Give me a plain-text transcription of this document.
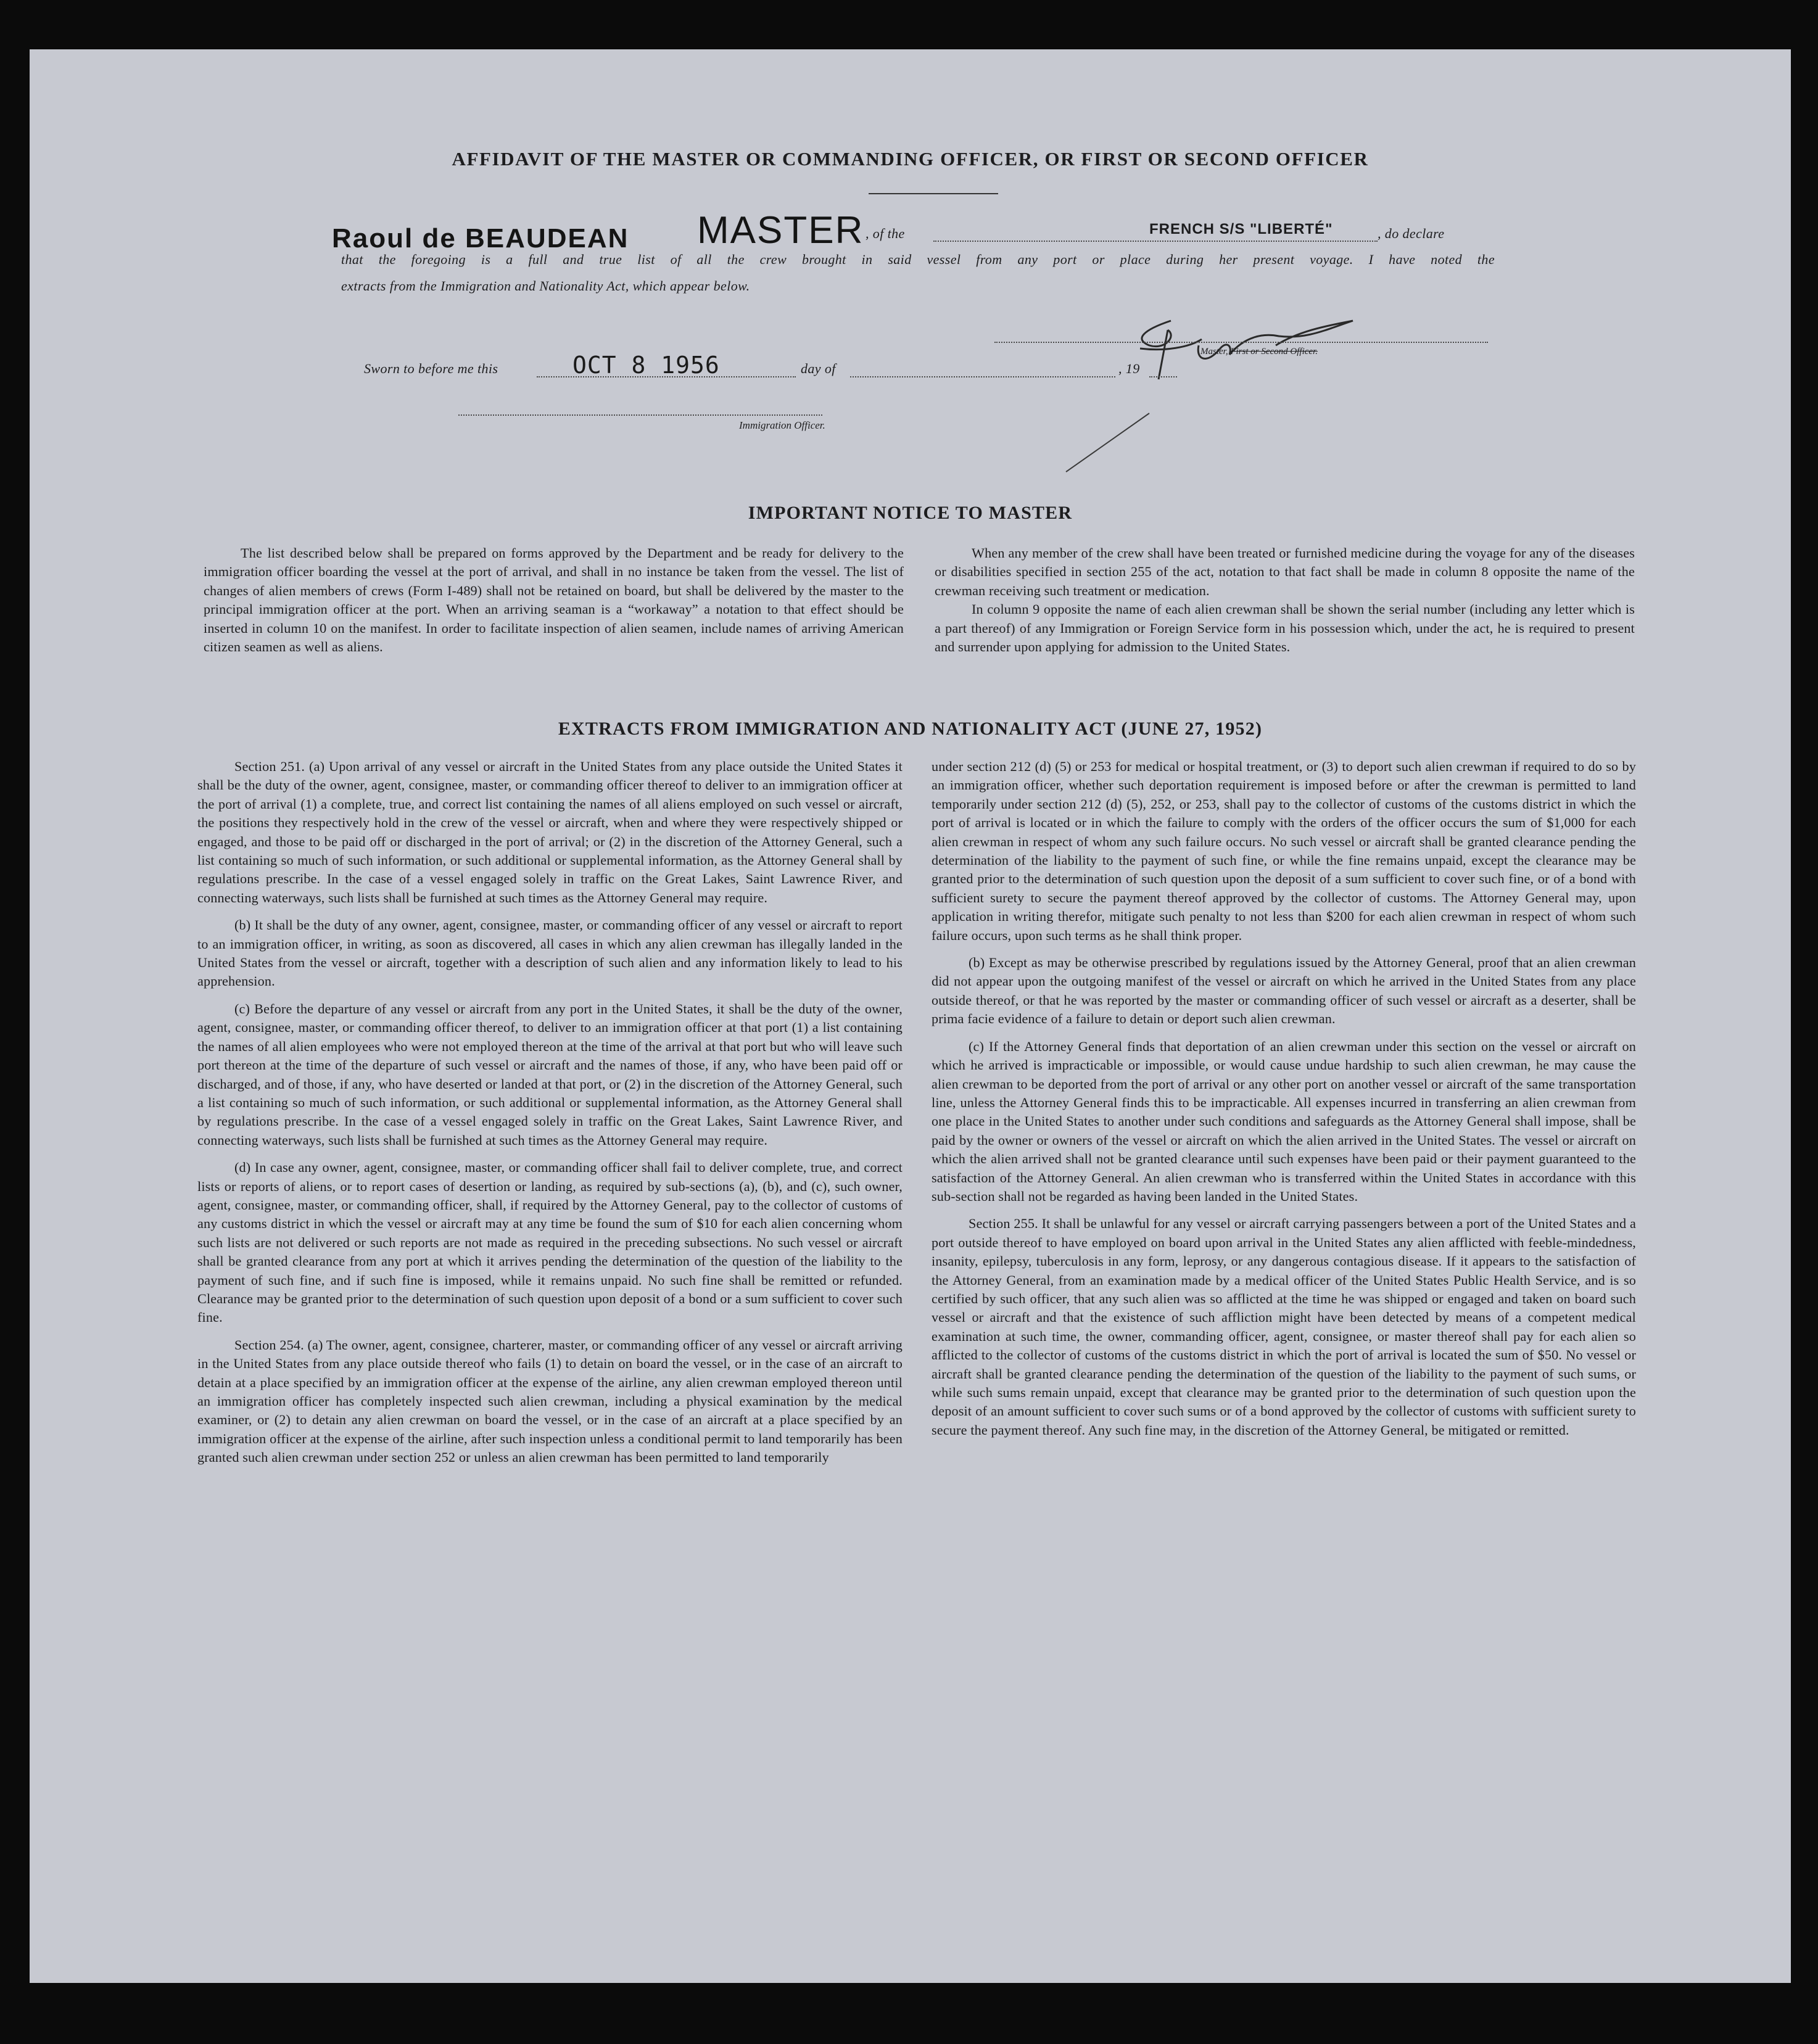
AFFIDAVIT OF THE MASTER OR COMMANDING OFFICER, OR FIRST OR SECOND OFFICER
Raoul de BEAUDEAN MASTER , of the	FRENCH S/S "LIBERTÉ"	, do declare
that the foregoing is a full and true list of all the crew brought in said vessel from any port or place during her present voyage. I have noted the
extracts from the Immigration and Nationality Act, which appear below.
Master, First or Second Officer.
Sworn to before me this	OCT 8 1956	day of	, 19
Immigration Officer.
IMPORTANT NOTICE TO MASTER

The list described below shall be prepared on forms approved by the Department and be ready for delivery to the immigration officer boarding the vessel at the port of arrival, and shall in no instance be taken from the vessel. The list of changes of alien members of crews (Form I-489) shall not be retained on board, but shall be delivered by the master to the principal immigration officer at the port. When an arriving seaman is a “workaway” a notation to that effect should be inserted in column 10 on the manifest. In order to facilitate inspection of alien seamen, include names of arriving American citizen seamen as well as aliens.

When any member of the crew shall have been treated or furnished medicine during the voyage for any of the diseases or disabilities specified in section 255 of the act, notation to that fact shall be made in column 8 opposite the name of the crewman receiving such treatment or medication.

In column 9 opposite the name of each alien crewman shall be shown the serial number (including any letter which is a part thereof) of any Immigration or Foreign Service form in his possession which, under the act, he is required to present and surrender upon applying for admission to the United States.

EXTRACTS FROM IMMIGRATION AND NATIONALITY ACT (JUNE 27, 1952)

Section 251. (a) Upon arrival of any vessel or aircraft in the United States from any place outside the United States it shall be the duty of the owner, agent, consignee, master, or commanding officer thereof to deliver to an immigration officer at the port of arrival (1) a complete, true, and correct list containing the names of all aliens employed on such vessel or aircraft, the positions they respectively hold in the crew of the vessel or aircraft, when and where they were respectively shipped or engaged, and those to be paid off or discharged in the port of arrival; or (2) in the discretion of the Attorney General, such a list containing so much of such information, or such additional or supplemental information, as the Attorney General shall by regulations prescribe. In the case of a vessel engaged solely in traffic on the Great Lakes, Saint Lawrence River, and connecting waterways, such lists shall be furnished at such times as the Attorney General may require.

(b) It shall be the duty of any owner, agent, consignee, master, or commanding officer of any vessel or aircraft to report to an immigration officer, in writing, as soon as discovered, all cases in which any alien crewman has illegally landed in the United States from the vessel or aircraft, together with a description of such alien and any information likely to lead to his apprehension.

(c) Before the departure of any vessel or aircraft from any port in the United States, it shall be the duty of the owner, agent, consignee, master, or commanding officer thereof, to deliver to an immigration officer at that port (1) a list containing the names of all alien employees who were not employed thereon at the time of the arrival at that port but who will leave such port thereon at the time of the departure of such vessel or aircraft and the names of those, if any, who have been paid off or discharged, and of those, if any, who have deserted or landed at that port, or (2) in the discretion of the Attorney General, such a list containing so much of such information, or such additional or supplemental information, as the Attorney General shall by regulations prescribe. In the case of a vessel engaged solely in traffic on the Great Lakes, Saint Lawrence River, and connecting waterways, such lists shall be furnished at such times as the Attorney General may require.

(d) In case any owner, agent, consignee, master, or commanding officer shall fail to deliver complete, true, and correct lists or reports of aliens, or to report cases of desertion or landing, as required by sub-sections (a), (b), and (c), such owner, agent, consignee, master, or commanding officer, shall, if required by the Attorney General, pay to the collector of customs of any customs district in which the vessel or aircraft may at any time be found the sum of $10 for each alien concerning whom such lists are not delivered or such reports are not made as required in the preceding subsections. No such vessel or aircraft shall be granted clearance from any port at which it arrives pending the determination of the question of the liability to the payment of such fine, and if such fine is imposed, while it remains unpaid. No such fine shall be remitted or refunded. Clearance may be granted prior to the determination of such question upon deposit of a bond or a sum sufficient to cover such fine.

Section 254. (a) The owner, agent, consignee, charterer, master, or commanding officer of any vessel or aircraft arriving in the United States from any place outside thereof who fails (1) to detain on board the vessel, or in the case of an aircraft to detain at a place specified by an immigration officer at the expense of the airline, any alien crewman employed thereon until an immigration officer has completely inspected such alien crewman, including a physical examination by the medical examiner, or (2) to detain any alien crewman on board the vessel, or in the case of an aircraft at a place specified by an immigration officer at the expense of the airline, after such inspection unless a conditional permit to land temporarily has been granted such alien crewman under section 252 or unless an alien crewman has been permitted to land temporarily

under section 212 (d) (5) or 253 for medical or hospital treatment, or (3) to deport such alien crewman if required to do so by an immigration officer, whether such deportation requirement is imposed before or after the crewman is permitted to land temporarily under section 212 (d) (5), 252, or 253, shall pay to the collector of customs of the customs district in which the port of arrival is located or in which the failure to comply with the orders of the officer occurs the sum of $1,000 for each alien crewman in respect of whom any such failure occurs. No such vessel or aircraft shall be granted clearance pending the determination of the liability to the payment of such fine, or while the fine remains unpaid, except the clearance may be granted prior to the determination of such question upon the deposit of a sum sufficient to cover such fine, or of a bond with sufficient surety to secure the payment thereof approved by the collector of customs. The Attorney General may, upon application in writing therefor, mitigate such penalty to not less than $200 for each alien crewman in respect of whom such failure occurs, upon such terms as he shall think proper.

(b) Except as may be otherwise prescribed by regulations issued by the Attorney General, proof that an alien crewman did not appear upon the outgoing manifest of the vessel or aircraft on which he arrived in the United States from any place outside thereof, or that he was reported by the master or commanding officer of such vessel or aircraft as a deserter, shall be prima facie evidence of a failure to detain or deport such alien crewman.

(c) If the Attorney General finds that deportation of an alien crewman under this section on the vessel or aircraft on which he arrived is impracticable or impossible, or would cause undue hardship to such alien crewman, he may cause the alien crewman to be deported from the port of arrival or any other port on another vessel or aircraft of the same transportation line, unless the Attorney General finds this to be impracticable. All expenses incurred in transferring an alien crewman from one place in the United States to another under such conditions and safeguards as the Attorney General shall impose, shall be paid by the owner or owners of the vessel or aircraft on which the alien arrived in the United States. The vessel or aircraft on which the alien arrived shall not be granted clearance until such expenses have been paid or their payment guaranteed to the satisfaction of the Attorney General. An alien crewman who is transferred within the United States in accordance with this sub-section shall not be regarded as having been landed in the United States.

Section 255. It shall be unlawful for any vessel or aircraft carrying passengers between a port of the United States and a port outside thereof to have employed on board upon arrival in the United States any alien afflicted with feeble-mindedness, insanity, epilepsy, tuberculosis in any form, leprosy, or any dangerous contagious disease. If it appears to the satisfaction of the Attorney General, from an examination made by a medical officer of the United States Public Health Service, and is so certified by such officer, that any such alien was so afflicted at the time he was shipped or engaged and taken on board such vessel or aircraft and that the existence of such affliction might have been detected by means of a competent medical examination at such time, the owner, commanding officer, agent, consignee, or master thereof shall pay for each alien so afflicted to the collector of customs of the customs district in which the port of arrival is located the sum of $50. No vessel or aircraft shall be granted clearance pending the determination of the question of the liability to the payment of such sums, or while such sums remain unpaid, except that clearance may be granted prior to the determination of such question upon the deposit of an amount sufficient to cover such sums or of a bond approved by the collector of customs with sufficient surety to secure the payment thereof. Any such fine may, in the discretion of the Attorney General, be mitigated or remitted.
